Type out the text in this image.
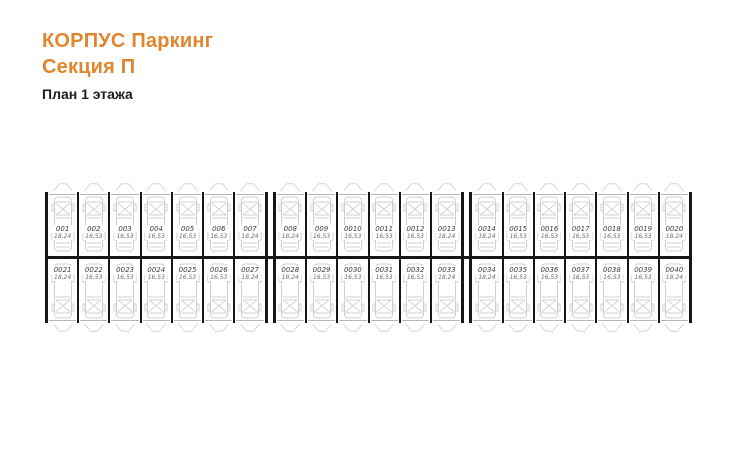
КОРПУС Паркинг
Секция П
План 1 этажа
001
18,24
002
16,53
003
16,53
004
16,53
005
16,53
006
16,53
007
18,24
0021
18,24
0022
16,53
0023
16,53
0024
16,53
0025
16,53
0026
16,53
0027
18,24
008
18,24
009
16,53
0010
16,53
0011
16,53
0012
16,53
0013
18,24
0028
18,24
0029
16,53
0030
16,53
0031
16,53
0032
16,53
0033
18,24
0014
18,24
0015
16,53
0016
16,53
0017
16,53
0018
16,53
0019
16,53
0020
18,24
0034
18,24
0035
16,53
0036
16,53
0037
16,53
0038
16,53
0039
16,53
0040
18,24
